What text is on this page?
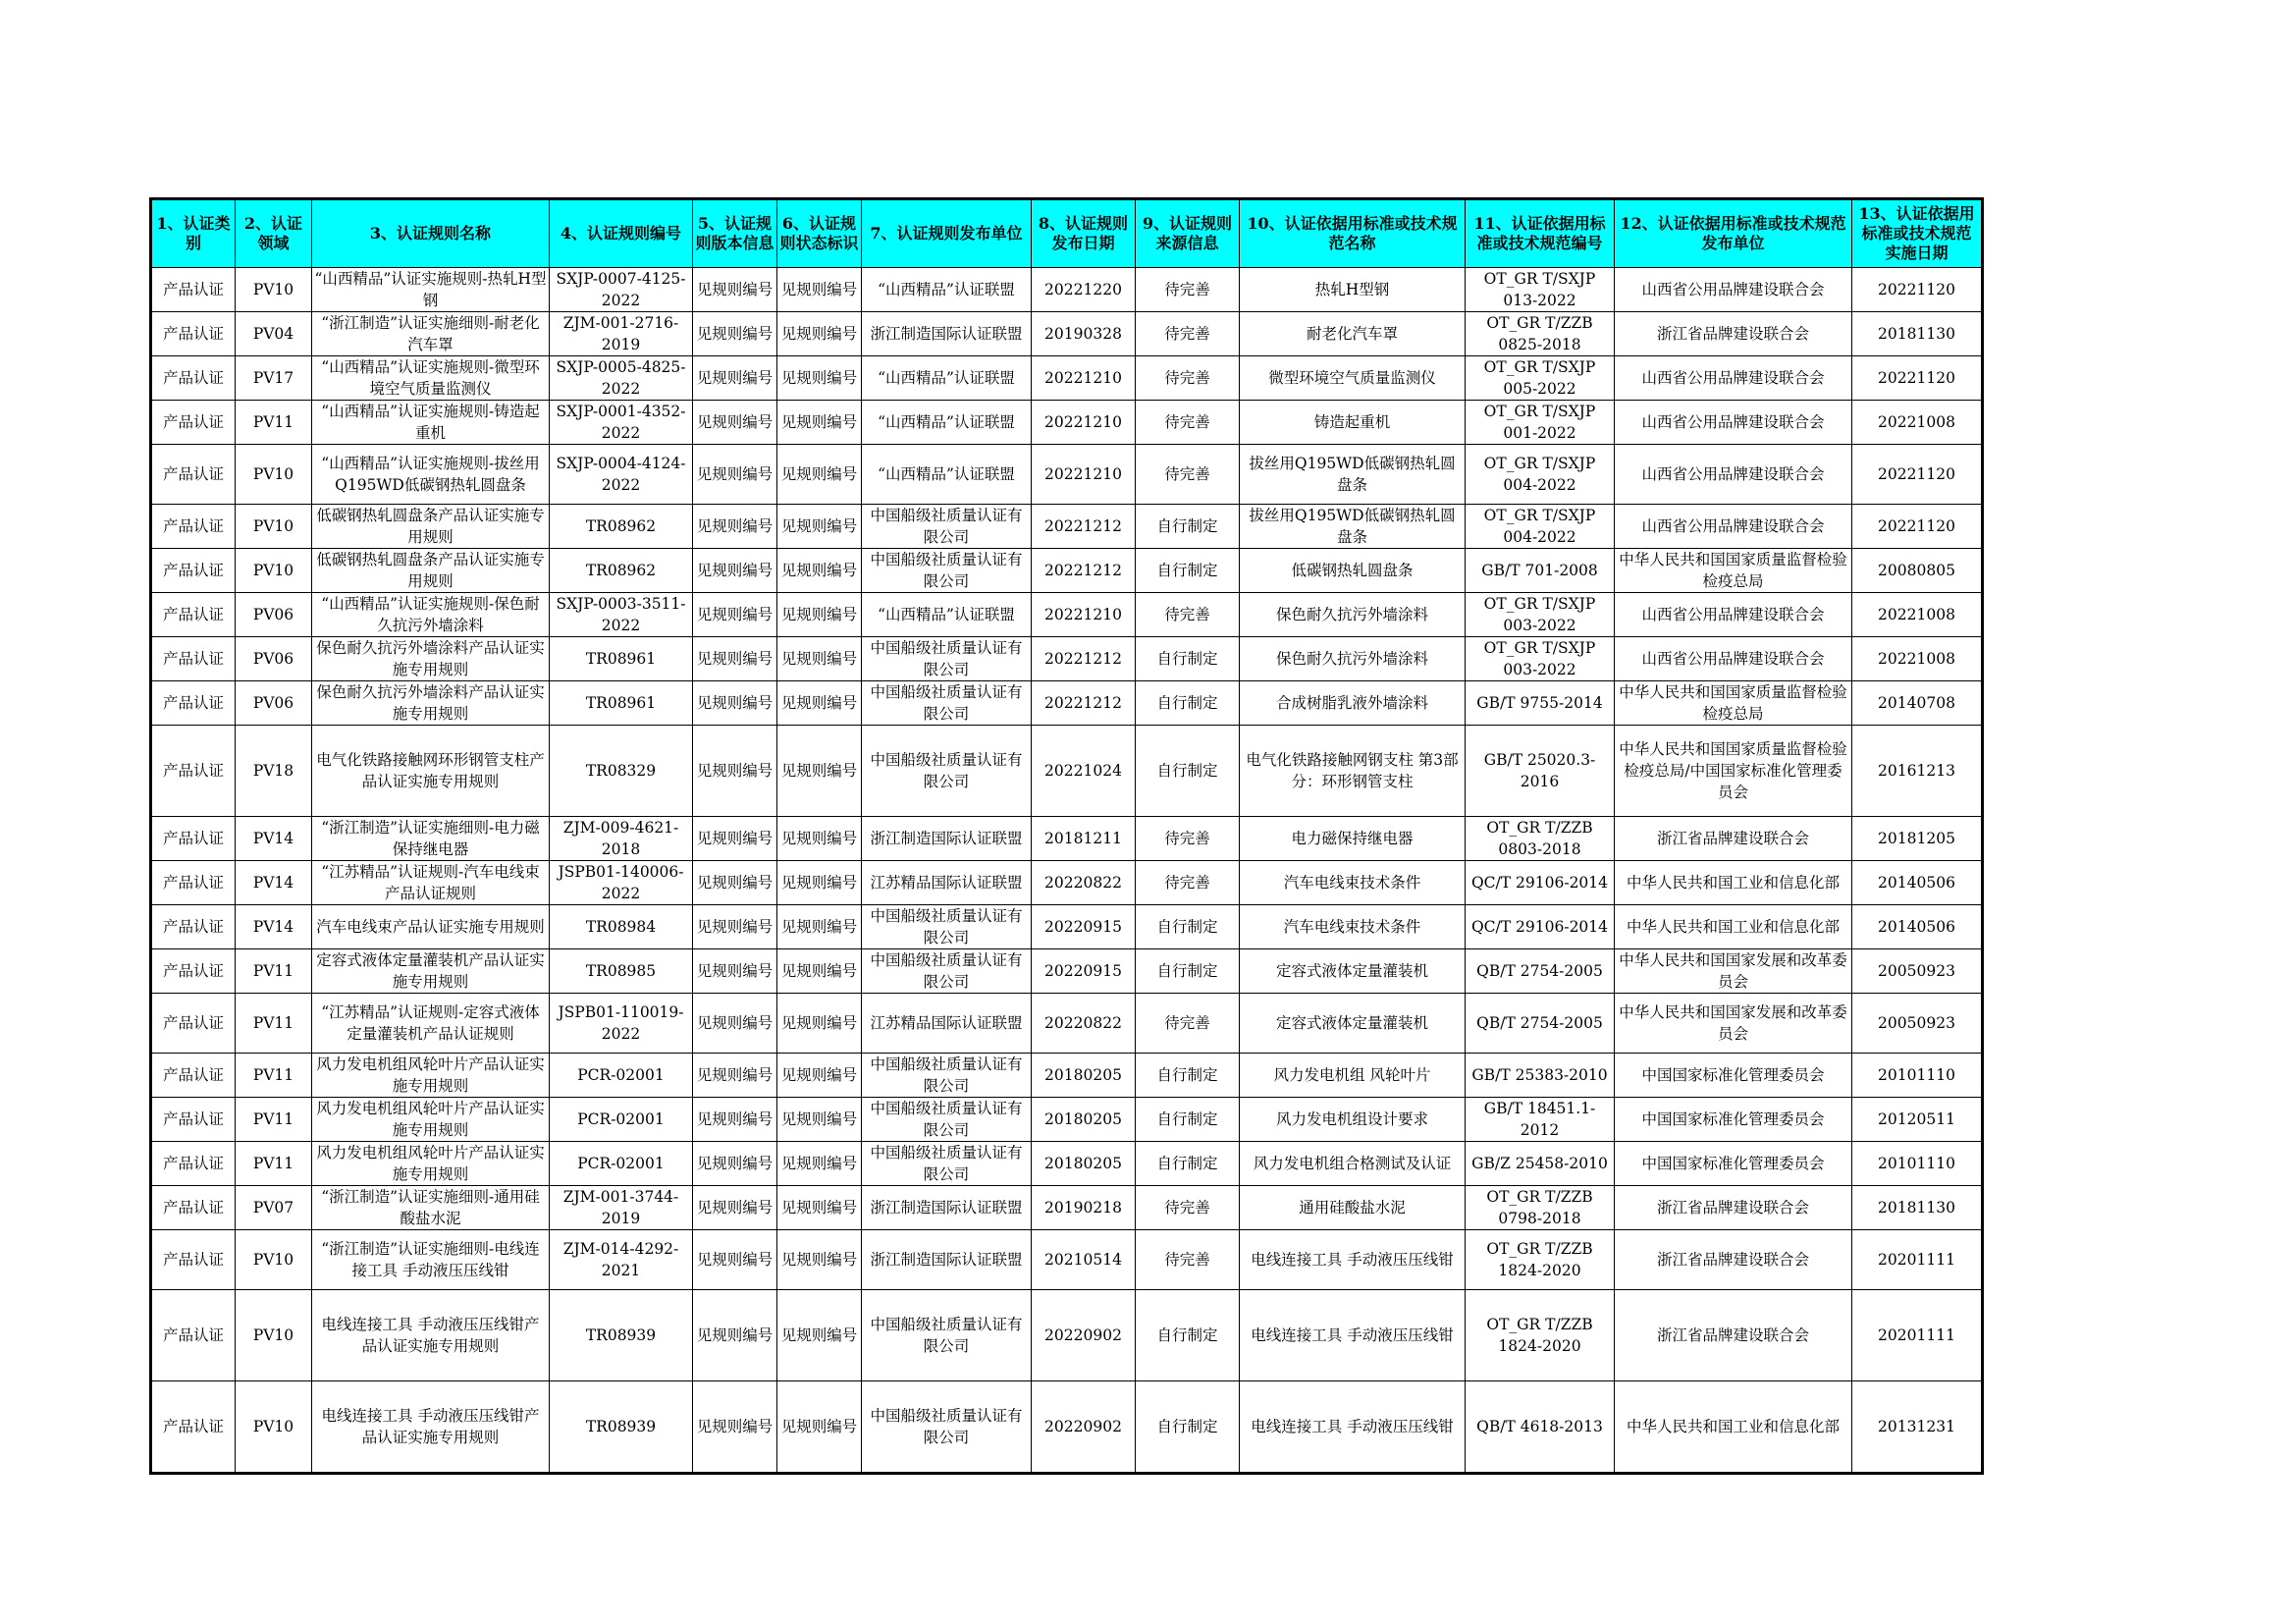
1、认证类别	2、认证领域	3、认证规则名称	4、认证规则编号	5、认证规则版本信息	6、认证规则状态标识	7、认证规则发布单位	8、认证规则发布日期	9、认证规则来源信息	10、认证依据用标准或技术规范名称	11、认证依据用标准或技术规范编号	12、认证依据用标准或技术规范发布单位	13、认证依据用标准或技术规范实施日期
产品认证	PV10	“山西精品”认证实施规则-热轧H型钢	SXJP-0007-4125-2022	见规则编号	见规则编号	“山西精品”认证联盟	20221220	待完善	热轧H型钢	OT_GR T/SXJP 013-2022	山西省公用品牌建设联合会	20221120
产品认证	PV04	“浙江制造”认证实施细则-耐老化汽车罩	ZJM-001-2716-2019	见规则编号	见规则编号	浙江制造国际认证联盟	20190328	待完善	耐老化汽车罩	OT_GR T/ZZB 0825-2018	浙江省品牌建设联合会	20181130
产品认证	PV17	“山西精品”认证实施规则-微型环境空气质量监测仪	SXJP-0005-4825-2022	见规则编号	见规则编号	“山西精品”认证联盟	20221210	待完善	微型环境空气质量监测仪	OT_GR T/SXJP 005-2022	山西省公用品牌建设联合会	20221120
产品认证	PV11	“山西精品”认证实施规则-铸造起重机	SXJP-0001-4352-2022	见规则编号	见规则编号	“山西精品”认证联盟	20221210	待完善	铸造起重机	OT_GR T/SXJP 001-2022	山西省公用品牌建设联合会	20221008
产品认证	PV10	“山西精品”认证实施规则-拔丝用Q195WD低碳钢热轧圆盘条	SXJP-0004-4124-2022	见规则编号	见规则编号	“山西精品”认证联盟	20221210	待完善	拔丝用Q195WD低碳钢热轧圆盘条	OT_GR T/SXJP 004-2022	山西省公用品牌建设联合会	20221120
产品认证	PV10	低碳钢热轧圆盘条产品认证实施专用规则	TR08962	见规则编号	见规则编号	中国船级社质量认证有限公司	20221212	自行制定	拔丝用Q195WD低碳钢热轧圆盘条	OT_GR T/SXJP 004-2022	山西省公用品牌建设联合会	20221120
产品认证	PV10	低碳钢热轧圆盘条产品认证实施专用规则	TR08962	见规则编号	见规则编号	中国船级社质量认证有限公司	20221212	自行制定	低碳钢热轧圆盘条	GB/T 701-2008	中华人民共和国国家质量监督检验检疫总局	20080805
产品认证	PV06	“山西精品”认证实施规则-保色耐久抗污外墙涂料	SXJP-0003-3511-2022	见规则编号	见规则编号	“山西精品”认证联盟	20221210	待完善	保色耐久抗污外墙涂料	OT_GR T/SXJP 003-2022	山西省公用品牌建设联合会	20221008
产品认证	PV06	保色耐久抗污外墙涂料产品认证实施专用规则	TR08961	见规则编号	见规则编号	中国船级社质量认证有限公司	20221212	自行制定	保色耐久抗污外墙涂料	OT_GR T/SXJP 003-2022	山西省公用品牌建设联合会	20221008
产品认证	PV06	保色耐久抗污外墙涂料产品认证实施专用规则	TR08961	见规则编号	见规则编号	中国船级社质量认证有限公司	20221212	自行制定	合成树脂乳液外墙涂料	GB/T 9755-2014	中华人民共和国国家质量监督检验检疫总局	20140708
产品认证	PV18	电气化铁路接触网环形钢管支柱产品认证实施专用规则	TR08329	见规则编号	见规则编号	中国船级社质量认证有限公司	20221024	自行制定	电气化铁路接触网钢支柱 第3部分：环形钢管支柱	GB/T 25020.3-2016	中华人民共和国国家质量监督检验检疫总局/中国国家标准化管理委员会	20161213
产品认证	PV14	“浙江制造”认证实施细则-电力磁保持继电器	ZJM-009-4621-2018	见规则编号	见规则编号	浙江制造国际认证联盟	20181211	待完善	电力磁保持继电器	OT_GR T/ZZB 0803-2018	浙江省品牌建设联合会	20181205
产品认证	PV14	“江苏精品”认证规则-汽车电线束产品认证规则	JSPB01-140006-2022	见规则编号	见规则编号	江苏精品国际认证联盟	20220822	待完善	汽车电线束技术条件	QC/T 29106-2014	中华人民共和国工业和信息化部	20140506
产品认证	PV14	汽车电线束产品认证实施专用规则	TR08984	见规则编号	见规则编号	中国船级社质量认证有限公司	20220915	自行制定	汽车电线束技术条件	QC/T 29106-2014	中华人民共和国工业和信息化部	20140506
产品认证	PV11	定容式液体定量灌装机产品认证实施专用规则	TR08985	见规则编号	见规则编号	中国船级社质量认证有限公司	20220915	自行制定	定容式液体定量灌装机	QB/T 2754-2005	中华人民共和国国家发展和改革委员会	20050923
产品认证	PV11	“江苏精品”认证规则-定容式液体定量灌装机产品认证规则	JSPB01-110019-2022	见规则编号	见规则编号	江苏精品国际认证联盟	20220822	待完善	定容式液体定量灌装机	QB/T 2754-2005	中华人民共和国国家发展和改革委员会	20050923
产品认证	PV11	风力发电机组风轮叶片产品认证实施专用规则	PCR-02001	见规则编号	见规则编号	中国船级社质量认证有限公司	20180205	自行制定	风力发电机组 风轮叶片	GB/T 25383-2010	中国国家标准化管理委员会	20101110
产品认证	PV11	风力发电机组风轮叶片产品认证实施专用规则	PCR-02001	见规则编号	见规则编号	中国船级社质量认证有限公司	20180205	自行制定	风力发电机组设计要求	GB/T 18451.1-2012	中国国家标准化管理委员会	20120511
产品认证	PV11	风力发电机组风轮叶片产品认证实施专用规则	PCR-02001	见规则编号	见规则编号	中国船级社质量认证有限公司	20180205	自行制定	风力发电机组合格测试及认证	GB/Z 25458-2010	中国国家标准化管理委员会	20101110
产品认证	PV07	“浙江制造”认证实施细则-通用硅酸盐水泥	ZJM-001-3744-2019	见规则编号	见规则编号	浙江制造国际认证联盟	20190218	待完善	通用硅酸盐水泥	OT_GR T/ZZB 0798-2018	浙江省品牌建设联合会	20181130
产品认证	PV10	“浙江制造”认证实施细则-电线连接工具 手动液压压线钳	ZJM-014-4292-2021	见规则编号	见规则编号	浙江制造国际认证联盟	20210514	待完善	电线连接工具 手动液压压线钳	OT_GR T/ZZB 1824-2020	浙江省品牌建设联合会	20201111
产品认证	PV10	电线连接工具 手动液压压线钳产品认证实施专用规则	TR08939	见规则编号	见规则编号	中国船级社质量认证有限公司	20220902	自行制定	电线连接工具 手动液压压线钳	OT_GR T/ZZB 1824-2020	浙江省品牌建设联合会	20201111
产品认证	PV10	电线连接工具 手动液压压线钳产品认证实施专用规则	TR08939	见规则编号	见规则编号	中国船级社质量认证有限公司	20220902	自行制定	电线连接工具 手动液压压线钳	QB/T 4618-2013	中华人民共和国工业和信息化部	20131231
